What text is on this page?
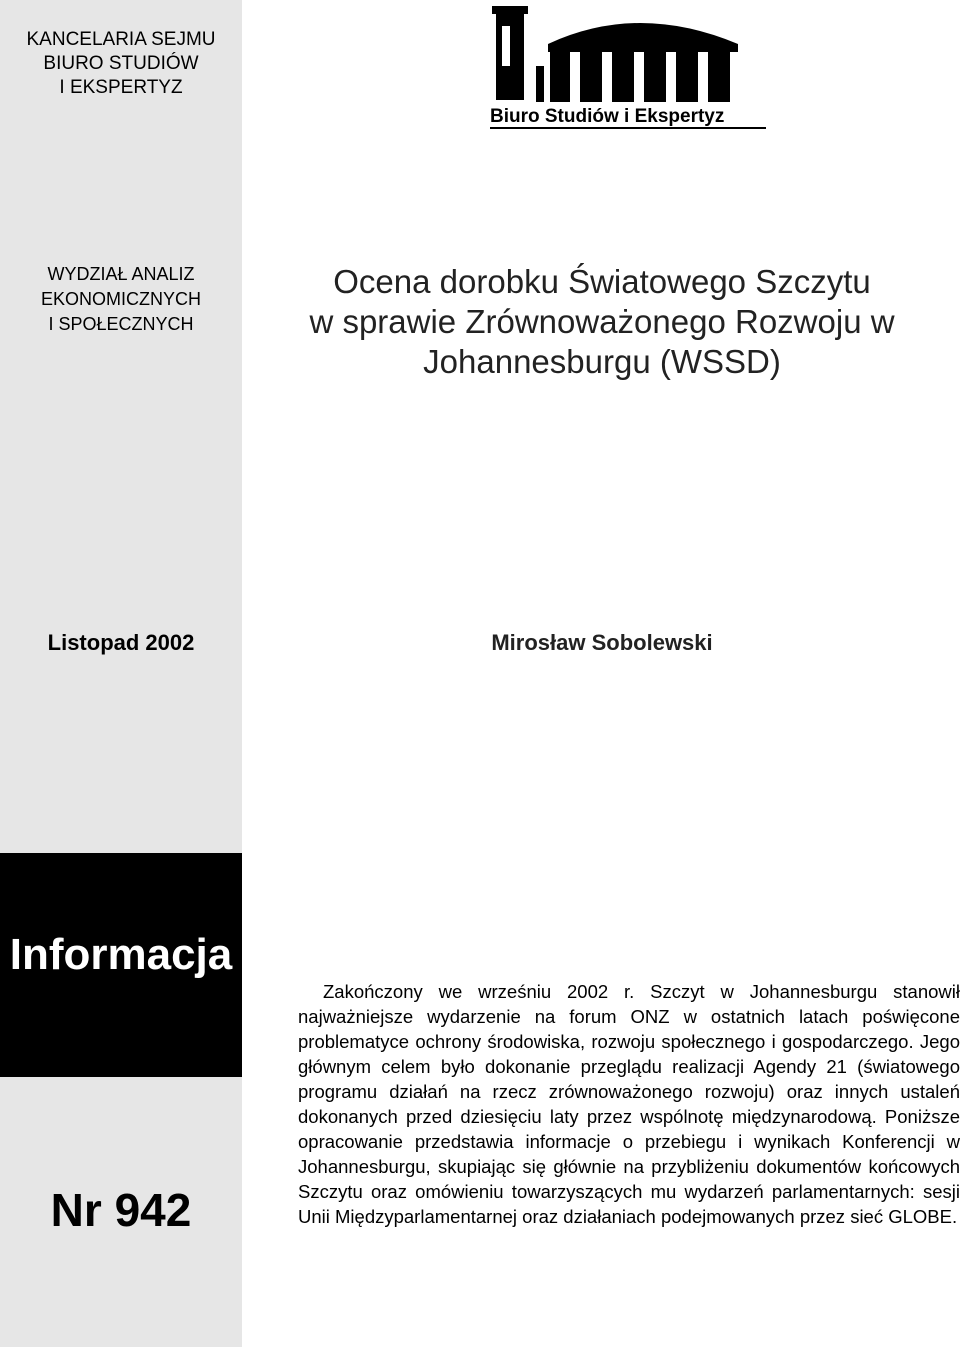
KANCELARIA SEJMU
BIURO STUDIÓW
I EKSPERTYZ
WYDZIAŁ ANALIZ
EKONOMICZNYCH
I SPOŁECZNYCH
Listopad 2002
Informacja
Nr 942
Biuro Studiów i Ekspertyz
Ocena dorobku Światowego Szczytu
w sprawie Zrównoważonego Rozwoju w
Johannesburgu (WSSD)
Mirosław Sobolewski

Zakończony we wrześniu 2002 r. Szczyt w Johannesburgu stanowił najważniejsze wydarzenie na forum ONZ w ostatnich latach poświęcone problematyce ochrony środowiska, rozwoju społecznego i gospodarczego. Jego głównym celem było dokonanie przeglądu realizacji Agendy 21 (światowego programu działań na rzecz zrównoważonego rozwoju) oraz innych ustaleń dokonanych przed dziesięciu laty przez wspólnotę międzynarodową. Poniższe opracowanie przedstawia informacje o przebiegu i wynikach Konferencji w Johannesburgu, skupiając się głównie na przybliżeniu dokumentów końcowych Szczytu oraz omówieniu towarzyszących mu wydarzeń parlamentarnych: sesji Unii Międzyparlamentarnej oraz działaniach podejmowanych przez sieć GLOBE.
